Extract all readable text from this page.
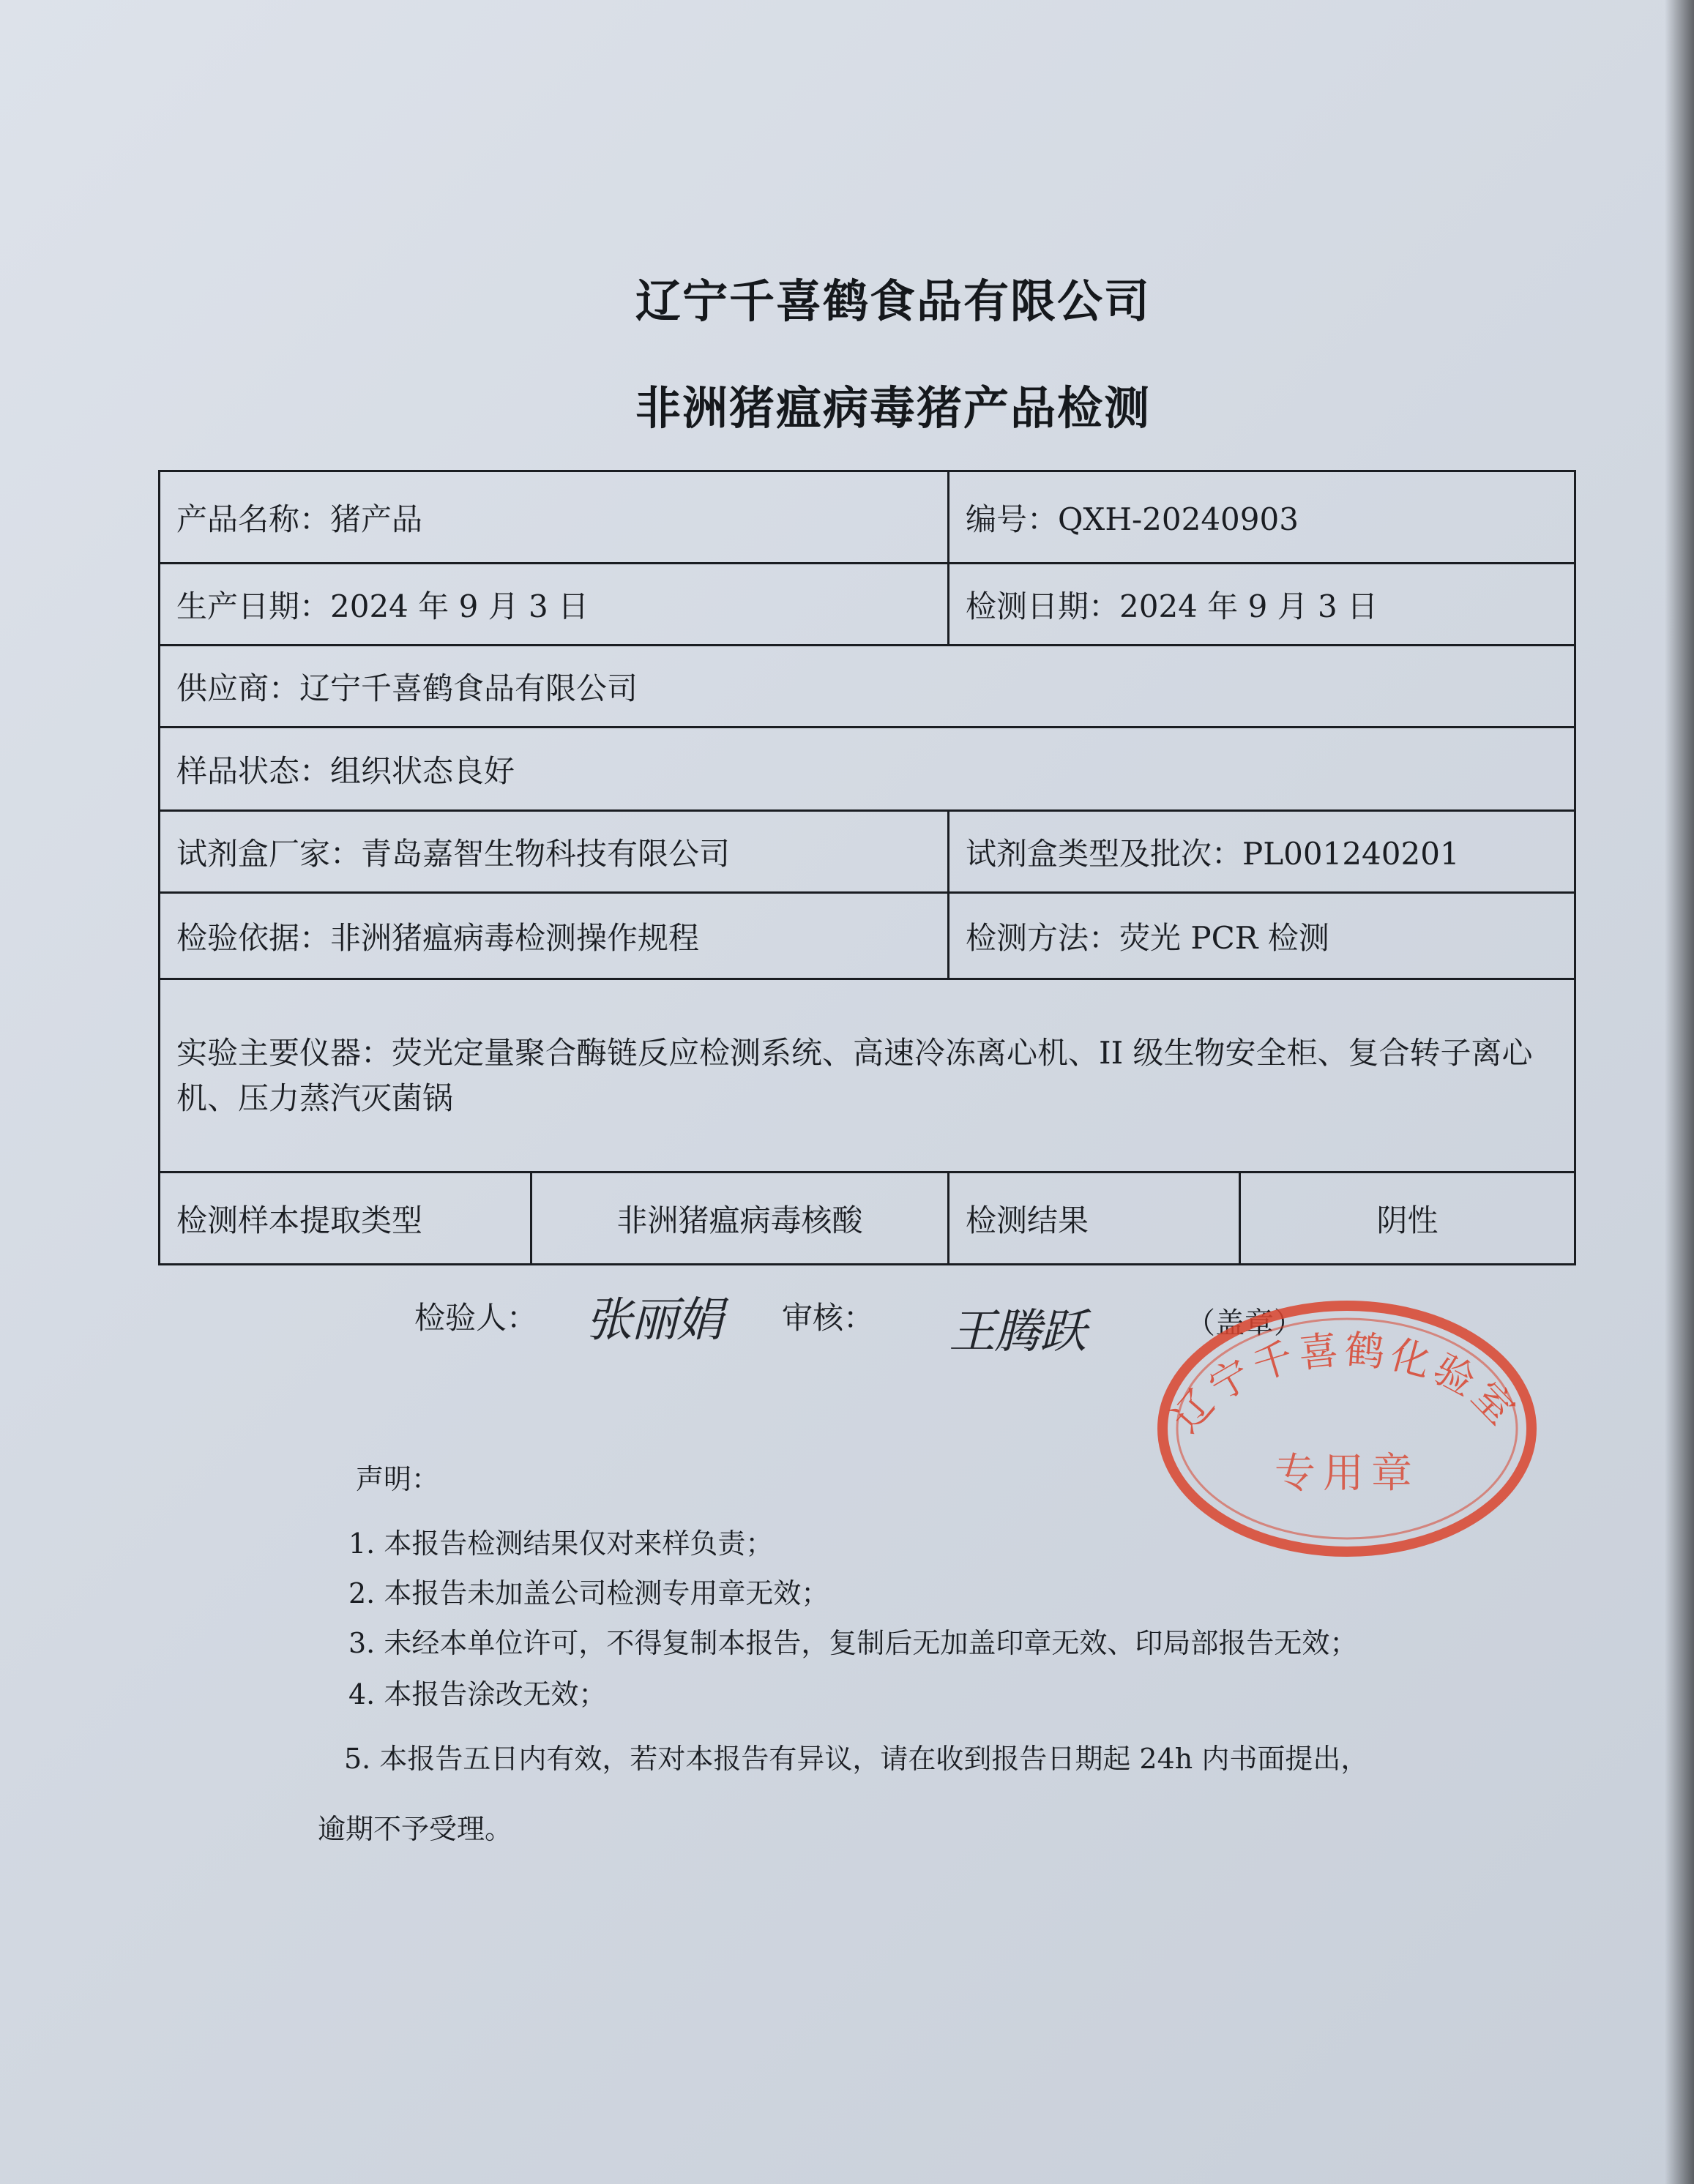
辽宁千喜鹤食品有限公司
非洲猪瘟病毒猪产品检测
产品名称：猪产品		编号：QXH-20240903	
生产日期：2024 年 9 月 3 日		检测日期：2024 年 9 月 3 日	
供应商：辽宁千喜鹤食品有限公司			
样品状态：组织状态良好			
试剂盒厂家：青岛嘉智生物科技有限公司		试剂盒类型及批次：PL001240201	
检验依据：非洲猪瘟病毒检测操作规程		检测方法：荧光 PCR 检测	
实验主要仪器：荧光定量聚合酶链反应检测系统、高速冷冻离心机、II 级生物安全柜、复合转子离心机、压力蒸汽灭菌锅			
检测样本提取类型	非洲猪瘟病毒核酸	检测结果	阴性
检验人： 张丽娟 审核： 王腾跃	（盖章）
辽宁千喜鹤化验室
专用章
声明：
1. 本报告检测结果仅对来样负责；
2. 本报告未加盖公司检测专用章无效；
3. 未经本单位许可，不得复制本报告，复制后无加盖印章无效、印局部报告无效；
4. 本报告涂改无效；
5. 本报告五日内有效，若对本报告有异议，请在收到报告日期起 24h 内书面提出，
逾期不予受理。
